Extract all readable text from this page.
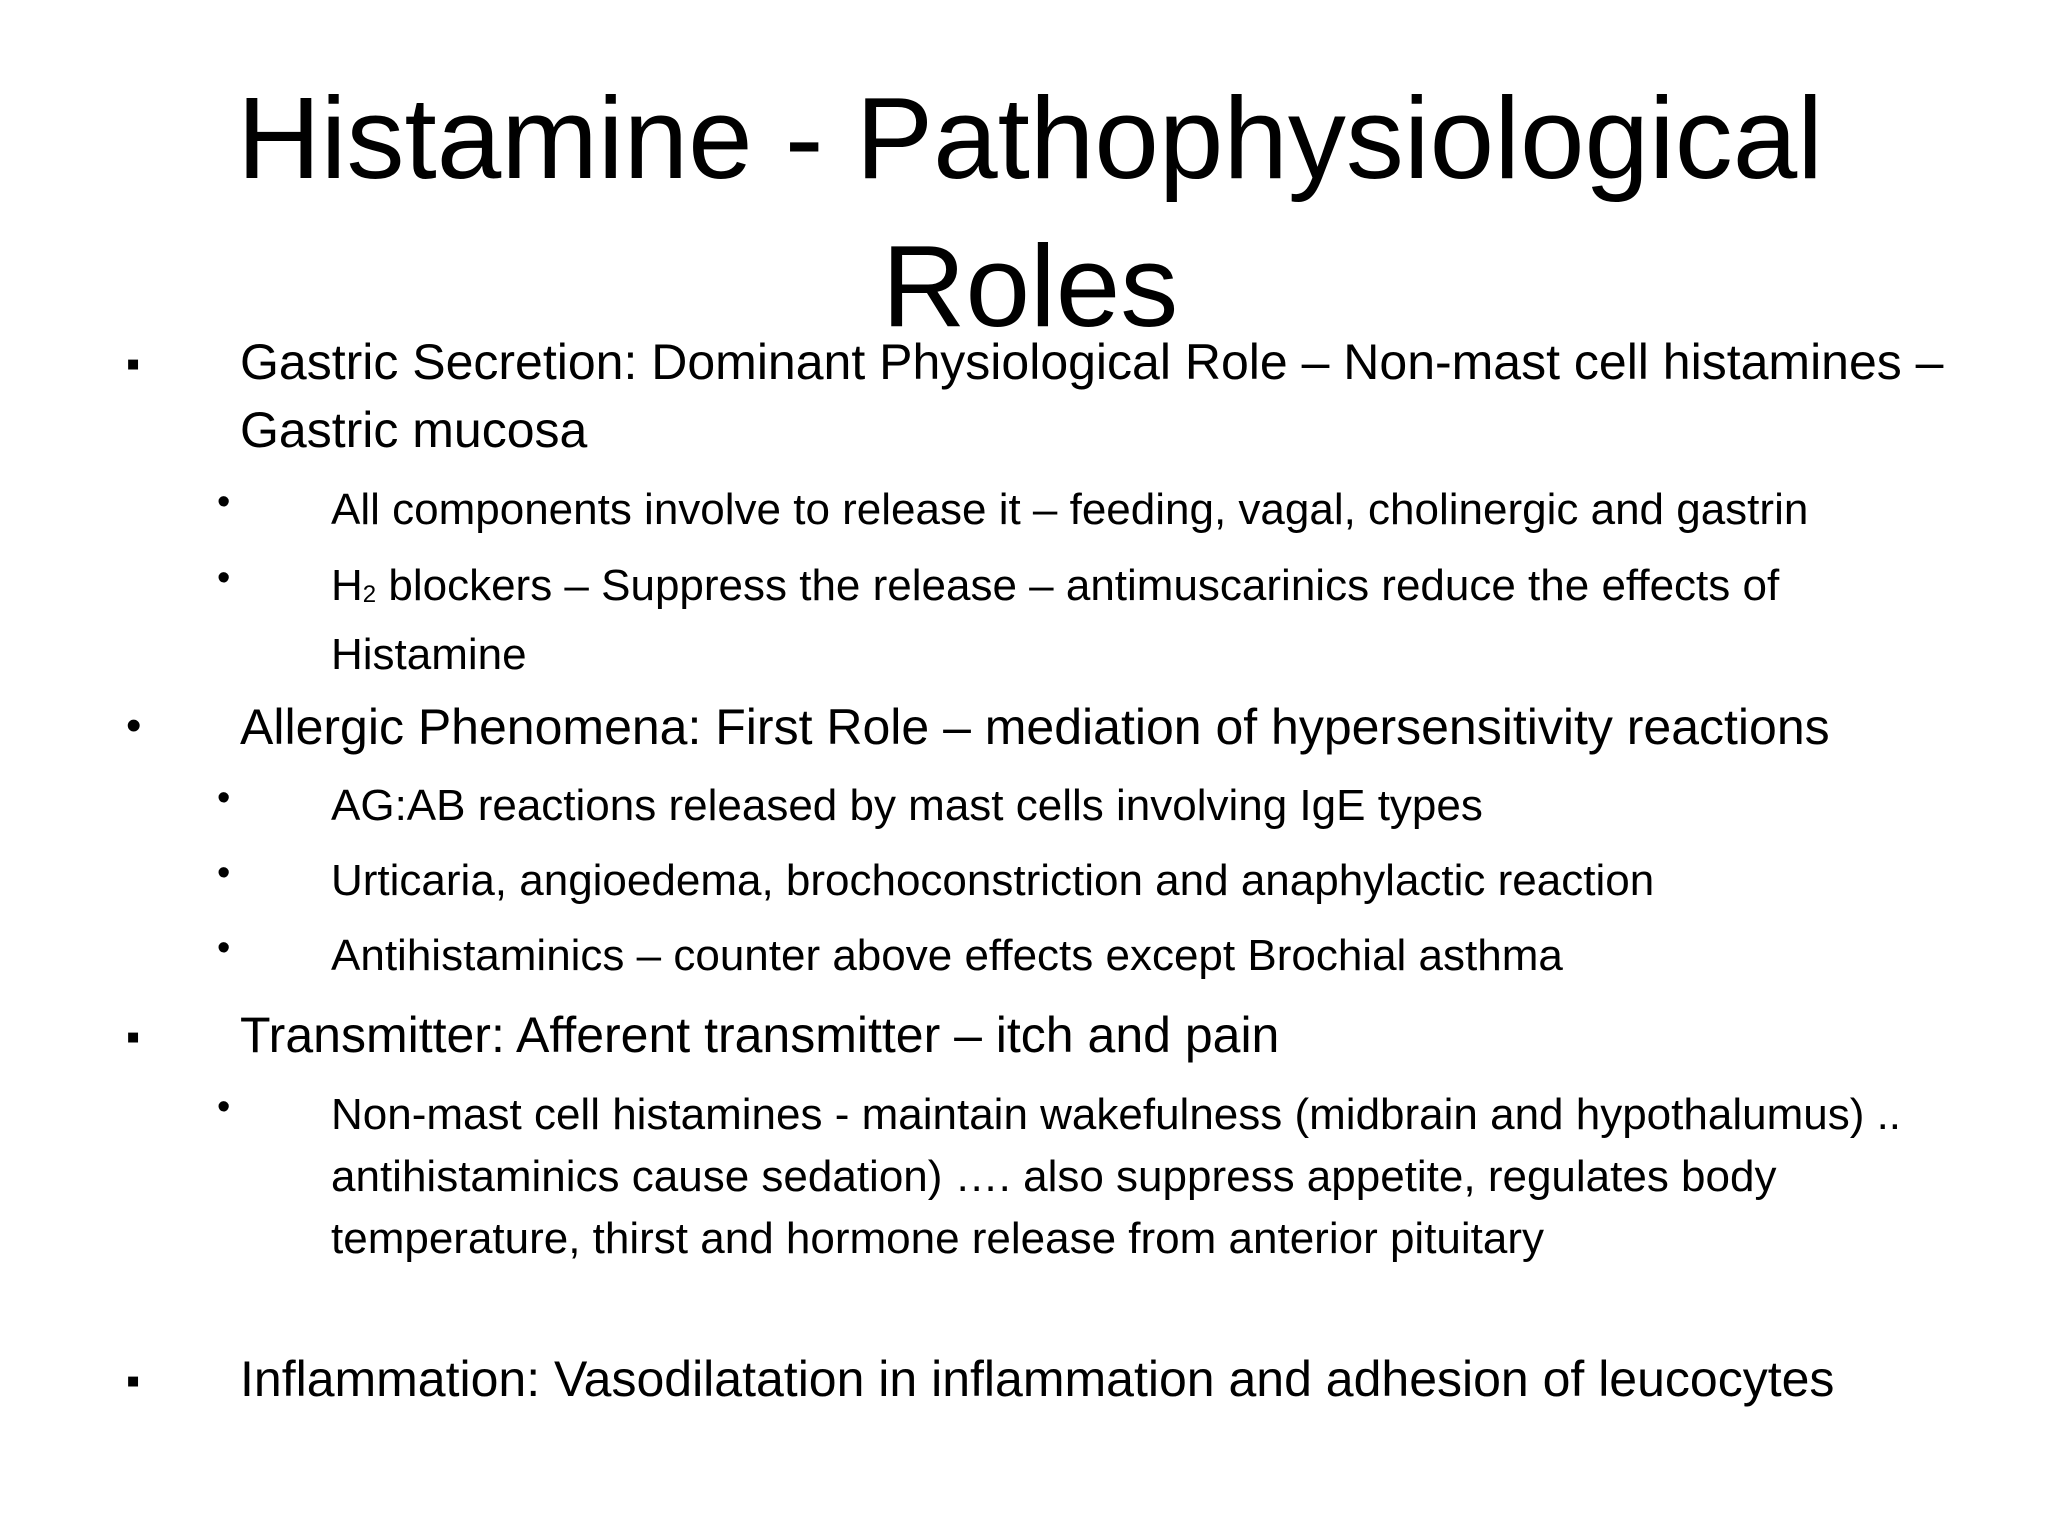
Histamine - Pathophysiological
Roles
▪ Gastric Secretion: Dominant Physiological Role – Non-mast cell histamines – Gastric mucosa
• All components involve to release it – feeding, vagal, cholinergic and gastrin
• $H_2$ blockers – Suppress the release – antimuscarinics reduce the effects of Histamine
• Allergic Phenomena: First Role – mediation of hypersensitivity reactions
• AG:AB reactions released by mast cells involving IgE types
• Urticaria, angioedema, brochoconstriction and anaphylactic reaction
• Antihistaminics – counter above effects except Brochial asthma
▪ Transmitter: Afferent transmitter – itch and pain
• Non-mast cell histamines - maintain wakefulness (midbrain and hypothalumus) .. antihistaminics cause sedation) …. also suppress appetite, regulates body temperature, thirst and hormone release from anterior pituitary
▪ Inflammation: Vasodilatation in inflammation and adhesion of leucocytes
